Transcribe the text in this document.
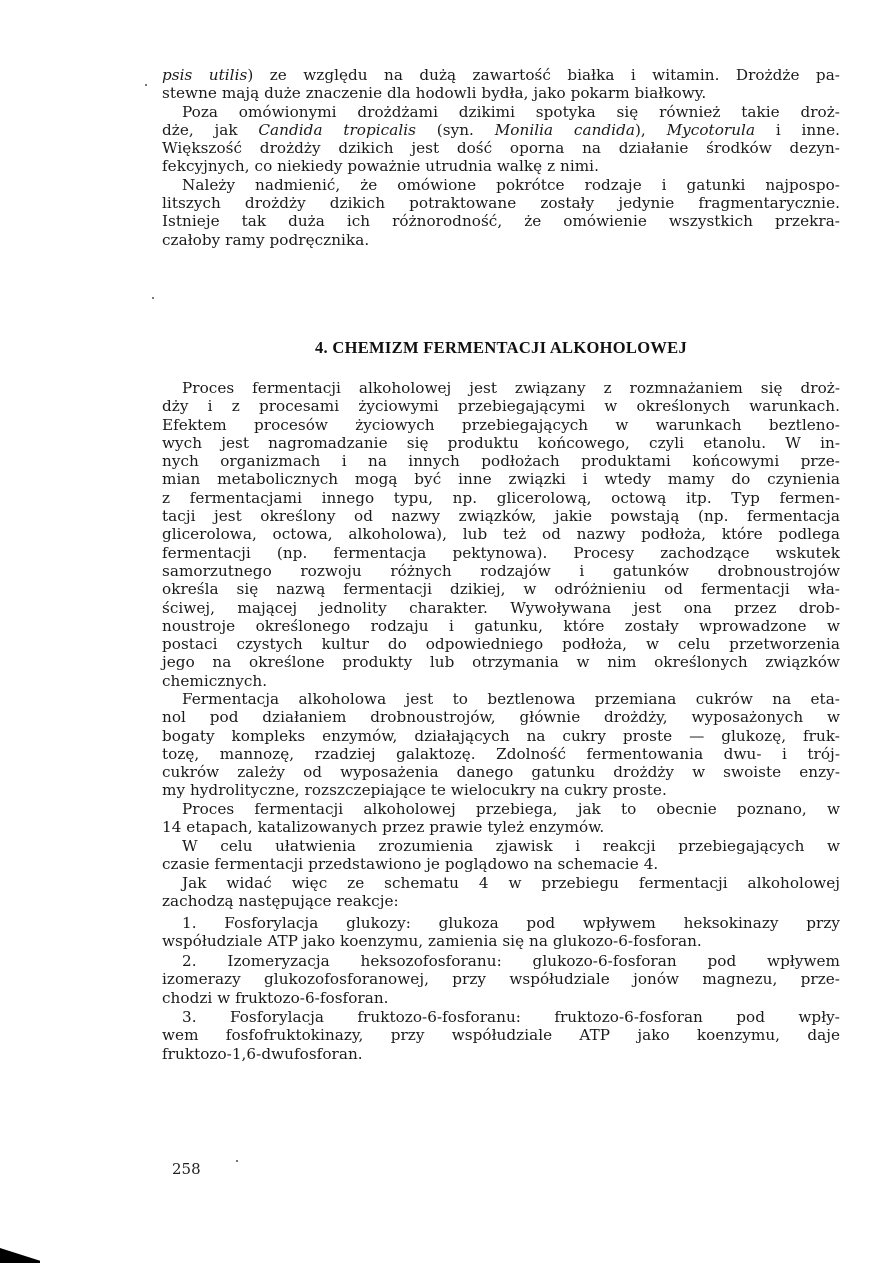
psis utilis) ze względu na dużą zawartość białka i witamin. Drożdże pa-
stewne mają duże znaczenie dla hodowli bydła, jako pokarm białkowy.
Poza omówionymi drożdżami dzikimi spotyka się również takie droż-
dże, jak Candida tropicalis (syn. Monilia candida), Mycotorula i inne.
Większość drożdży dzikich jest dość oporna na działanie środków dezyn-
fekcyjnych, co niekiedy poważnie utrudnia walkę z nimi.
Należy nadmienić, że omówione pokrótce rodzaje i gatunki najpospo-
litszych drożdży dzikich potraktowane zostały jedynie fragmentarycznie.
Istnieje tak duża ich różnorodność, że omówienie wszystkich przekra-
czałoby ramy podręcznika.
4. CHEMIZM FERMENTACJI ALKOHOLOWEJ
Proces fermentacji alkoholowej jest związany z rozmnażaniem się droż-
dży i z procesami życiowymi przebiegającymi w określonych warunkach.
Efektem procesów życiowych przebiegających w warunkach beztleno-
wych jest nagromadzanie się produktu końcowego, czyli etanolu. W in-
nych organizmach i na innych podłożach produktami końcowymi prze-
mian metabolicznych mogą być inne związki i wtedy mamy do czynienia
z fermentacjami innego typu, np. glicerolową, octową itp. Typ fermen-
tacji jest określony od nazwy związków, jakie powstają (np. fermentacja
glicerolowa, octowa, alkoholowa), lub też od nazwy podłoża, które podlega
fermentacji (np. fermentacja pektynowa). Procesy zachodzące wskutek
samorzutnego rozwoju różnych rodzajów i gatunków drobnoustrojów
określa się nazwą fermentacji dzikiej, w odróżnieniu od fermentacji wła-
ściwej, mającej jednolity charakter. Wywoływana jest ona przez drob-
noustroje określonego rodzaju i gatunku, które zostały wprowadzone w
postaci czystych kultur do odpowiedniego podłoża, w celu przetworzenia
jego na określone produkty lub otrzymania w nim określonych związków
chemicznych.
Fermentacja alkoholowa jest to beztlenowa przemiana cukrów na eta-
nol pod działaniem drobnoustrojów, głównie drożdży, wyposażonych w
bogaty kompleks enzymów, działających na cukry proste — glukozę, fruk-
tozę, mannozę, rzadziej galaktozę. Zdolność fermentowania dwu- i trój-
cukrów zależy od wyposażenia danego gatunku drożdży w swoiste enzy-
my hydrolityczne, rozszczepiające te wielocukry na cukry proste.
Proces fermentacji alkoholowej przebiega, jak to obecnie poznano, w
14 etapach, katalizowanych przez prawie tyleż enzymów.
W celu ułatwienia zrozumienia zjawisk i reakcji przebiegających w
czasie fermentacji przedstawiono je poglądowo na schemacie 4.
Jak widać więc ze schematu 4 w przebiegu fermentacji alkoholowej
zachodzą następujące reakcje:
1. Fosforylacja glukozy: glukoza pod wpływem heksokinazy przy
współudziale ATP jako koenzymu, zamienia się na glukozo-6-fosforan.
2. Izomeryzacja heksozofosforanu: glukozo-6-fosforan pod wpływem
izomerazy glukozofosforanowej, przy współudziale jonów magnezu, prze-
chodzi w fruktozo-6-fosforan.
3. Fosforylacja fruktozo-6-fosforanu: fruktozo-6-fosforan pod wpły-
wem fosfofruktokinazy, przy współudziale ATP jako koenzymu, daje
fruktozo-1,6-dwufosforan.
258
